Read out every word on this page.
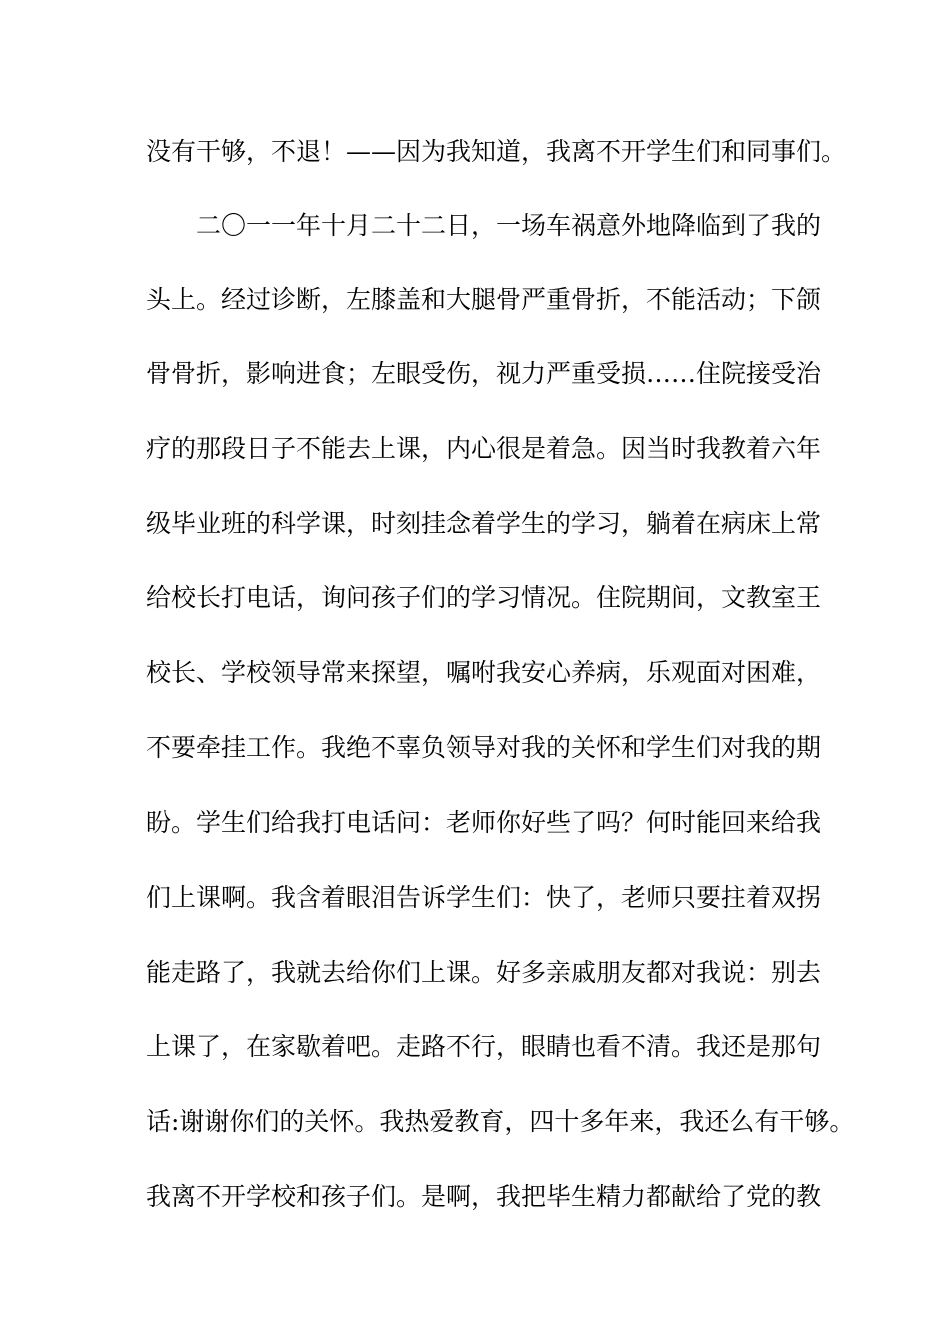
没有干够，不退！——因为我知道，我离不开学生们和同事们。
二〇一一年十月二十二日，一场车祸意外地降临到了我的
头上。经过诊断，左膝盖和大腿骨严重骨折，不能活动；下颌
骨骨折，影响进食；左眼受伤，视力严重受损……住院接受治
疗的那段日子不能去上课，内心很是着急。因当时我教着六年
级毕业班的科学课，时刻挂念着学生的学习，躺着在病床上常
给校长打电话，询问孩子们的学习情况。住院期间，文教室王
校长、学校领导常来探望，嘱咐我安心养病，乐观面对困难，
不要牵挂工作。我绝不辜负领导对我的关怀和学生们对我的期
盼。学生们给我打电话问：老师你好些了吗？何时能回来给我
们上课啊。我含着眼泪告诉学生们：快了，老师只要拄着双拐
能走路了，我就去给你们上课。好多亲戚朋友都对我说：别去
上课了，在家歇着吧。走路不行，眼睛也看不清。我还是那句
话:谢谢你们的关怀。我热爱教育，四十多年来，我还么有干够。
我离不开学校和孩子们。是啊，我把毕生精力都献给了党的教
